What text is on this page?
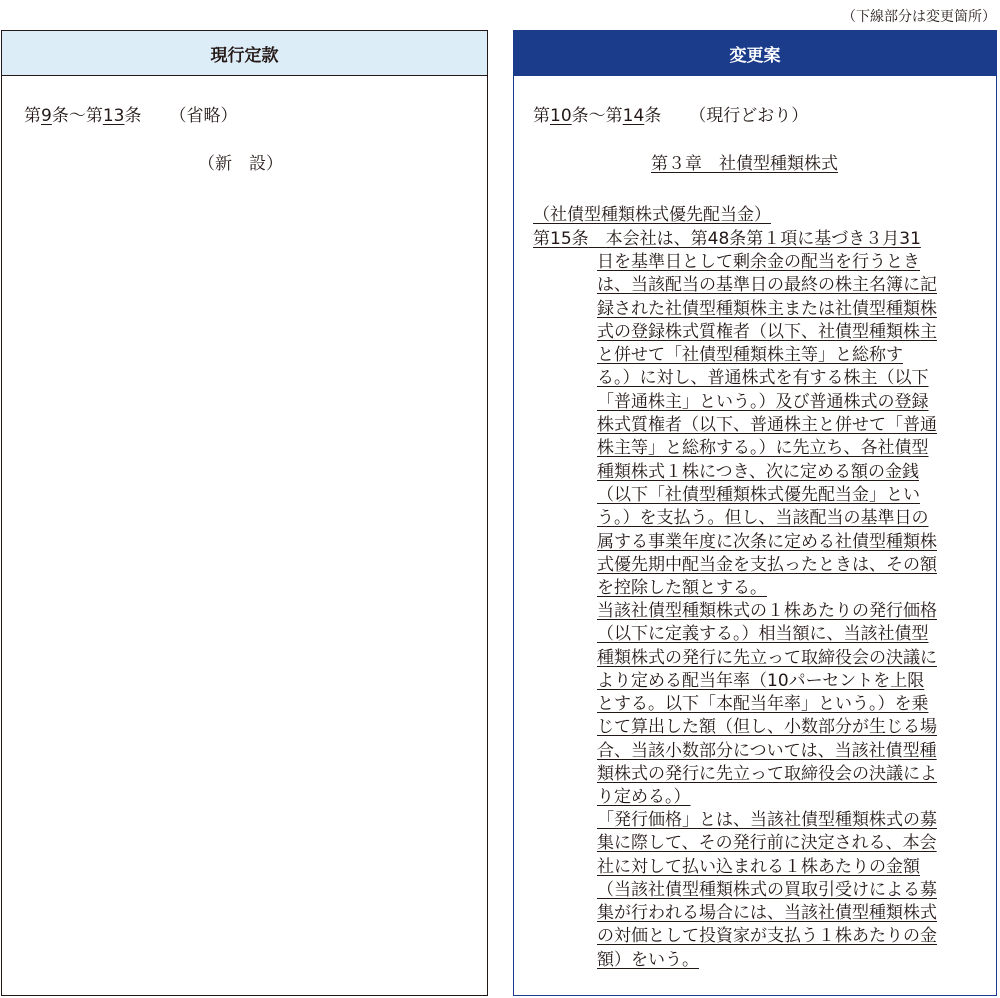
（下線部分は変更箇所）
現行定款
第9条～第13条 （省略）
（新　設）
変更案
第10条～第14条 （現行どおり）
第３章　社債型種類株式
（社債型種類株式優先配当金）
第15条　 本会社は、第48条第１項に基づき３月31
日を基準日として剰余金の配当を行うとき
は、当該配当の基準日の最終の株主名簿に記
録された社債型種類株主または社債型種類株
式の登録株式質権者（以下、社債型種類株主
と併せて「社債型種類株主等」と総称す
る。）に対し、普通株式を有する株主（以下
「普通株主」という。）及び普通株式の登録
株式質権者（以下、普通株主と併せて「普通
株主等」と総称する。）に先立ち、各社債型
種類株式１株につき、次に定める額の金銭
（以下「社債型種類株式優先配当金」とい
う。）を支払う。但し、当該配当の基準日の
属する事業年度に次条に定める社債型種類株
式優先期中配当金を支払ったときは、その額
を控除した額とする。
当該社債型種類株式の１株あたりの発行価格
（以下に定義する。）相当額に、当該社債型
種類株式の発行に先立って取締役会の決議に
より定める配当年率（10パーセントを上限
とする。以下「本配当年率」という。）を乗
じて算出した額（但し、小数部分が生じる場
合、当該小数部分については、当該社債型種
類株式の発行に先立って取締役会の決議によ
り定める。）
「発行価格」とは、当該社債型種類株式の募
集に際して、その発行前に決定される、本会
社に対して払い込まれる１株あたりの金額
（当該社債型種類株式の買取引受けによる募
集が行われる場合には、当該社債型種類株式
の対価として投資家が支払う１株あたりの金
額）をいう。
